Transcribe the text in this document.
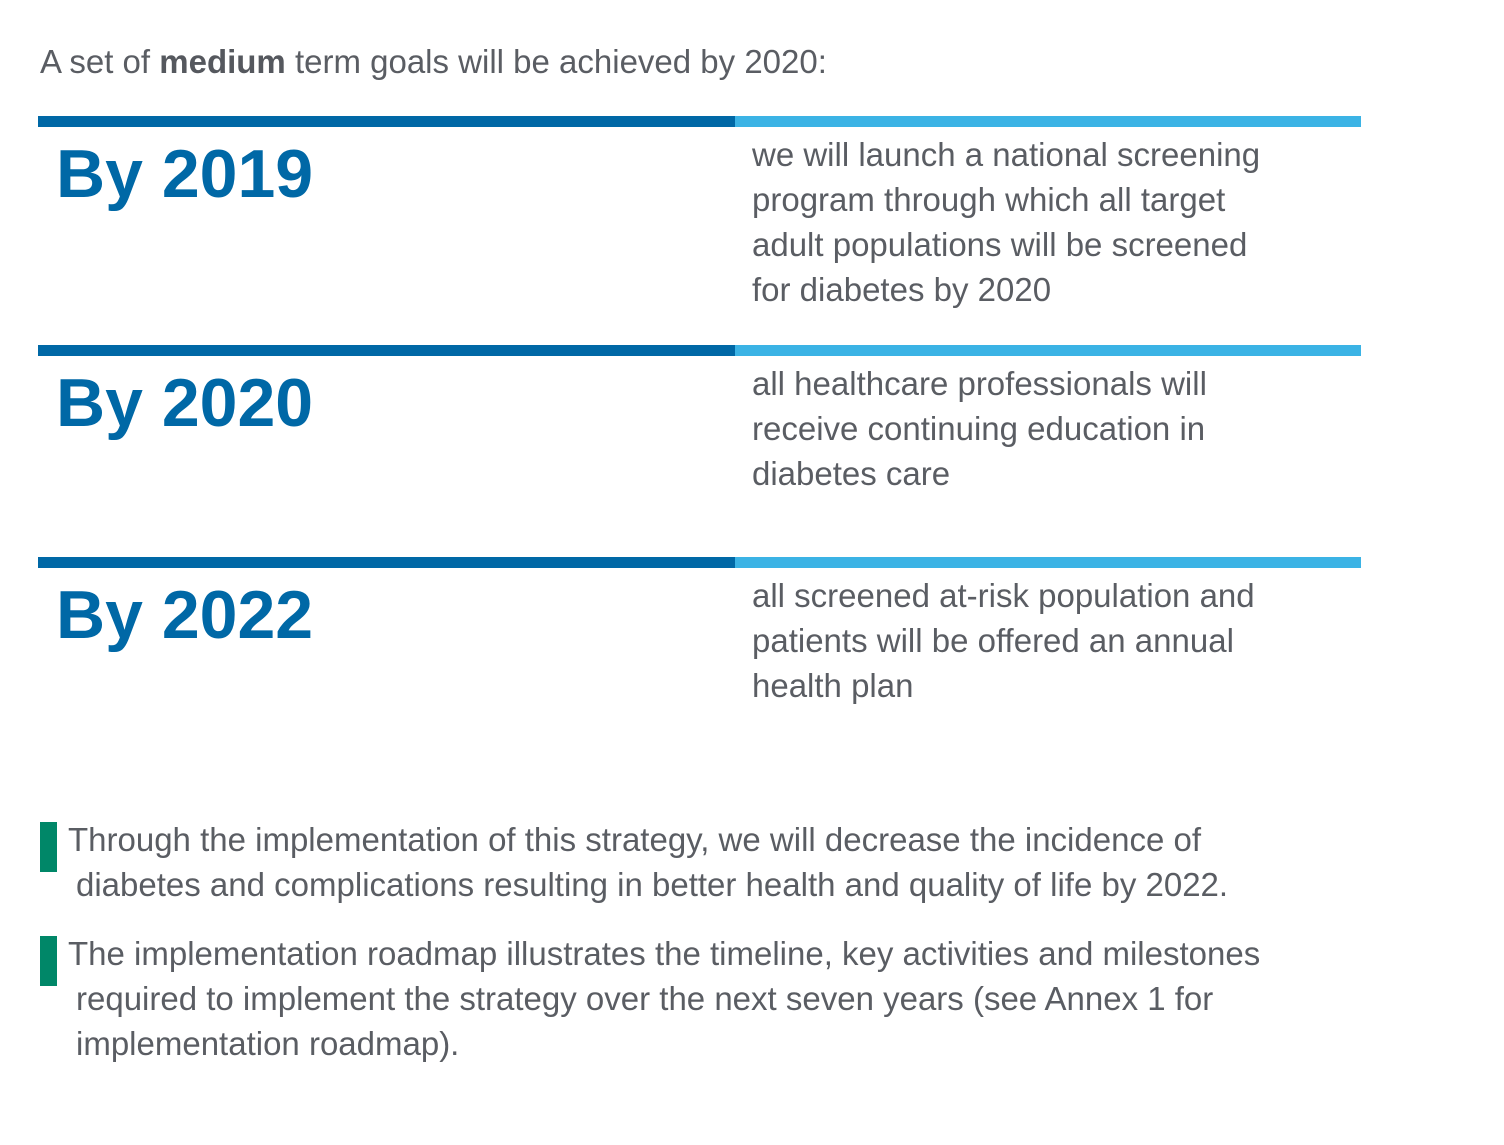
A set of medium term goals will be achieved by 2020:
By 2019	we will launch a national screening
program through which all target
adult populations will be screened
for diabetes by 2020
By 2020	all healthcare professionals will
receive continuing education in
diabetes care
By 2022	all screened at-risk population and
patients will be offered an annual
health plan
Through the implementation of this strategy, we will decrease the incidence of
diabetes and complications resulting in better health and quality of life by 2022.
The implementation roadmap illustrates the timeline, key activities and milestones
required to implement the strategy over the next seven years (see Annex 1 for
implementation roadmap).
